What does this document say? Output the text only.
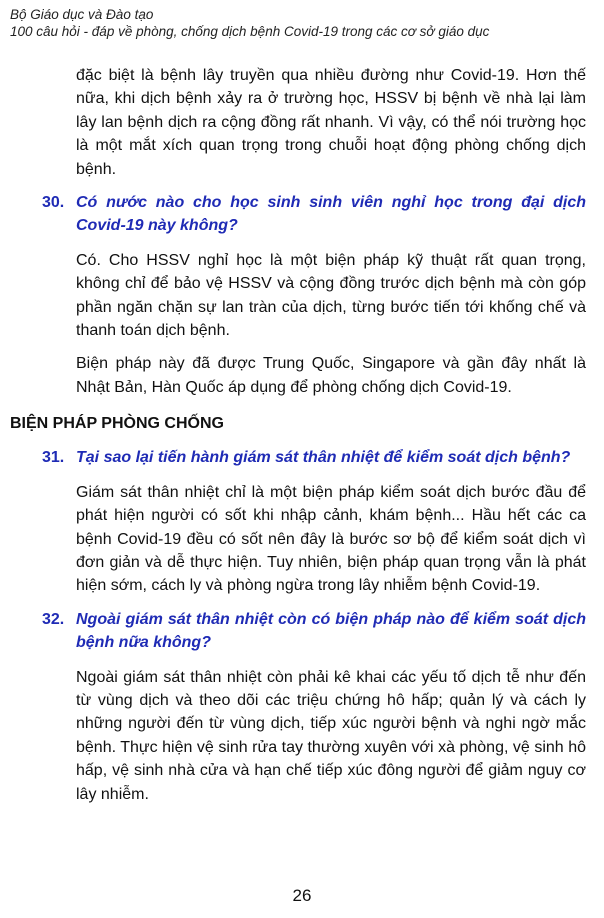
Bộ Giáo dục và Đào tạo

100 câu hỏi - đáp về phòng, chống dịch bệnh Covid-19 trong các cơ sở giáo dục

đặc biệt là bệnh lây truyền qua nhiều đường như Covid-19. Hơn thế nữa, khi dịch bệnh xảy ra ở trường học, HSSV bị bệnh về nhà lại làm lây lan bệnh dịch ra cộng đồng rất nhanh. Vì vậy, có thể nói trường học là một mắt xích quan trọng trong chuỗi hoạt động phòng chống dịch bệnh.

30. Có nước nào cho học sinh sinh viên nghỉ học trong đại dịch Covid-19 này không?

Có. Cho HSSV nghỉ học là một biện pháp kỹ thuật rất quan trọng, không chỉ để bảo vệ HSSV và cộng đồng trước dịch bệnh mà còn góp phần ngăn chặn sự lan tràn của dịch, từng bước tiến tới khống chế và thanh toán dịch bệnh.

Biện pháp này đã được Trung Quốc, Singapore và gần đây nhất là Nhật Bản, Hàn Quốc áp dụng để phòng chống dịch Covid-19.

BIỆN PHÁP PHÒNG CHỐNG
31. Tại sao lại tiến hành giám sát thân nhiệt để kiểm soát dịch bệnh?

Giám sát thân nhiệt chỉ là một biện pháp kiểm soát dịch bước đầu để phát hiện người có sốt khi nhập cảnh, khám bệnh... Hầu hết các ca bệnh Covid-19 đều có sốt nên đây là bước sơ bộ để kiểm soát dịch vì đơn giản và dễ thực hiện. Tuy nhiên, biện pháp quan trọng vẫn là phát hiện sớm, cách ly và phòng ngừa trong lây nhiễm bệnh Covid-19.

32. Ngoài giám sát thân nhiệt còn có biện pháp nào để kiểm soát dịch bệnh nữa không?

Ngoài giám sát thân nhiệt còn phải kê khai các yếu tố dịch tễ như đến từ vùng dịch và theo dõi các triệu chứng hô hấp; quản lý và cách ly những người đến từ vùng dịch, tiếp xúc người bệnh và nghi ngờ mắc bệnh. Thực hiện vệ sinh rửa tay thường xuyên với xà phòng, vệ sinh hô hấp, vệ sinh nhà cửa và hạn chế tiếp xúc đông người để giảm nguy cơ lây nhiễm.

26
